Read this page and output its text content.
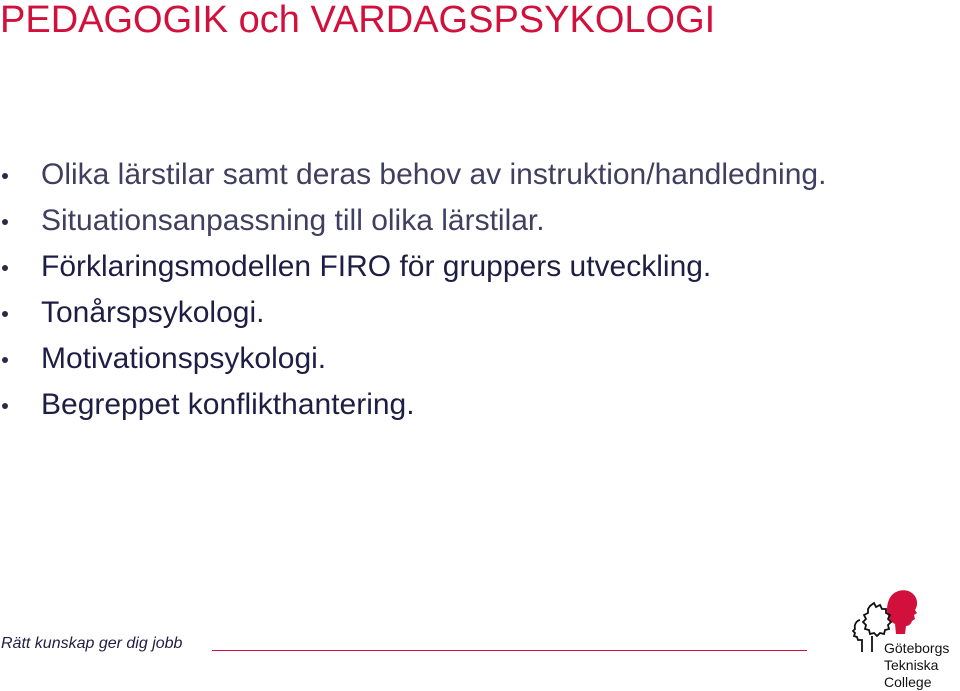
PEDAGOGIK och VARDAGSPSYKOLOGI
Olika lärstilar samt deras behov av instruktion/handledning.
Situationsanpassning till olika lärstilar.
Förklaringsmodellen FIRO för gruppers utveckling.
Tonårspsykologi.
Motivationspsykologi.
Begreppet konflikthantering.
Rätt kunskap ger dig jobb	Göteborgs
Tekniska
College
